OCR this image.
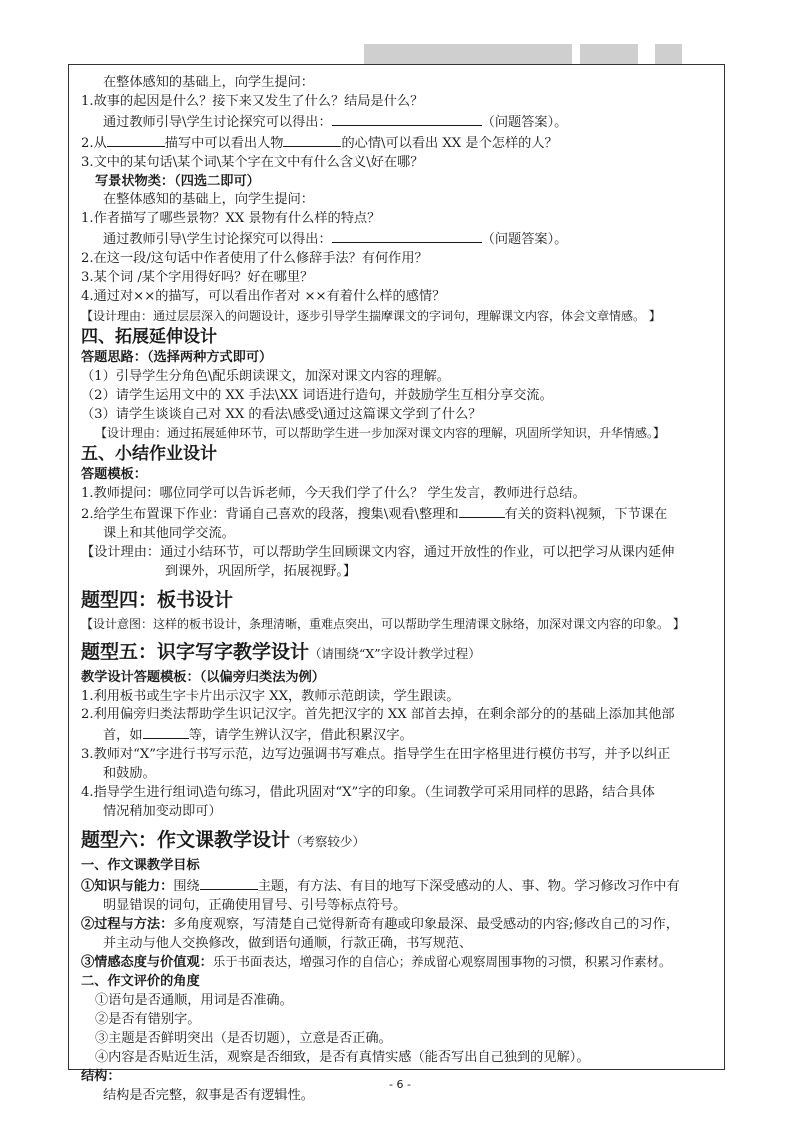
在整体感知的基础上，向学生提问：

1.故事的起因是什么？接下来又发生了什么？结局是什么？

通过教师引导\学生讨论探究可以得出：	（问题答案）。

2.从	描写中可以看出人物	的心情\可以看出 XX 是个怎样的人？

3.文中的某句话\某个词\某个字在文中有什么含义\好在哪？

写景状物类：（四选二即可）

在整体感知的基础上，向学生提问：

1.作者描写了哪些景物？XX 景物有什么样的特点？

通过教师引导\学生讨论探究可以得出：	（问题答案）。

2.在这一段/这句话中作者使用了什么修辞手法？有何作用？

3.某个词 /某个字用得好吗？好在哪里？

4.通过对××的描写，可以看出作者对 ××有着什么样的感情？

【设计理由：通过层层深入的问题设计，逐步引导学生揣摩课文的字词句，理解课文内容，体会文章情感。 】

四、拓展延伸设计

答题思路：（选择两种方式即可）

（1）引导学生分角色\配乐朗读课文，加深对课文内容的理解。

（2）请学生运用文中的 XX 手法\XX 词语进行造句，并鼓励学生互相分享交流。

（3）请学生谈谈自己对 XX 的看法\感受\通过这篇课文学到了什么？

【设计理由：通过拓展延伸环节，可以帮助学生进一步加深对课文内容的理解，巩固所学知识，升华情感。】

五、小结作业设计

答题模板：

1.教师提问：哪位同学可以告诉老师，今天我们学了什么？ 学生发言，教师进行总结。

2.给学生布置课下作业：背诵自己喜欢的段落，搜集\观看\整理和	有关的资料\视频，下节课在

课上和其他同学交流。

【设计理由：通过小结环节，可以帮助学生回顾课文内容，通过开放性的作业，可以把学习从课内延伸

到课外，巩固所学，拓展视野。】

题型四：板书设计

【设计意图：这样的板书设计，条理清晰，重难点突出，可以帮助学生理清课文脉络，加深对课文内容的印象。 】

题型五：识字写字教学设计（请围绕“X”字设计教学过程）

教学设计答题模板：（以偏旁归类法为例）

1.利用板书或生字卡片出示汉字 XX，教师示范朗读，学生跟读。

2.利用偏旁归类法帮助学生识记汉字。首先把汉字的 XX 部首去掉，在剩余部分的的基础上添加其他部

首，如	等，请学生辨认汉字，借此积累汉字。

3.教师对“X”字进行书写示范，边写边强调书写难点。指导学生在田字格里进行模仿书写，并予以纠正

和鼓励。

4.指导学生进行组词\造句练习，借此巩固对“X”字的印象。（生词教学可采用同样的思路，结合具体

情况稍加变动即可）

题型六：作文课教学设计（考察较少）

一、作文课教学目标

①知识与能力：围绕	主题，有方法、有目的地写下深受感动的人、事、物。学习修改习作中有

明显错误的词句，正确使用冒号、引号等标点符号。

②过程与方法：多角度观察，写清楚自己觉得新奇有趣或印象最深、最受感动的内容;修改自己的习作，

并主动与他人交换修改，做到语句通顺，行款正确，书写规范、

③情感态度与价值观：乐于书面表达，增强习作的自信心；养成留心观察周围事物的习惯，积累习作素材。

二、作文评价的角度

①语句是否通顺，用词是否准确。

②是否有错别字。

③主题是否鲜明突出（是否切题），立意是否正确。

④内容是否贴近生活，观察是否细致，是否有真情实感（能否写出自己独到的见解）。

结构：

结构是否完整，叙事是否有逻辑性。

- 6 -
